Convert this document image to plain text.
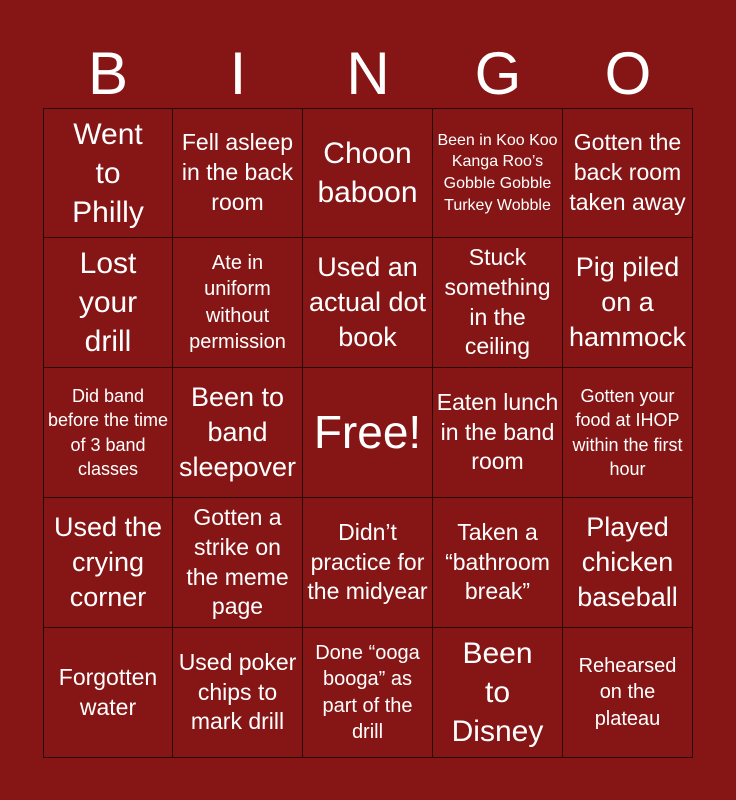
B	I	N	G	O
Went to Philly
Fell asleep in the back room
Choon baboon
Been in Koo Koo Kanga Roo’s Gobble Gobble Turkey Wobble
Gotten the back room taken away
Lost your drill
Ate in uniform without permission
Used an actual dot book
Stuck something in the ceiling
Pig piled on a hammock
Did band before the time of 3 band classes
Been to band sleepover
Free!
Eaten lunch in the band room
Gotten your food at IHOP within the first hour
Used the crying corner
Gotten a strike on the meme page
Didn’t practice for the midyear
Taken a “bathroom break”
Played chicken baseball
Forgotten water
Used poker chips to mark drill
Done “ooga booga” as part of the drill
Been to Disney
Rehearsed on the plateau
